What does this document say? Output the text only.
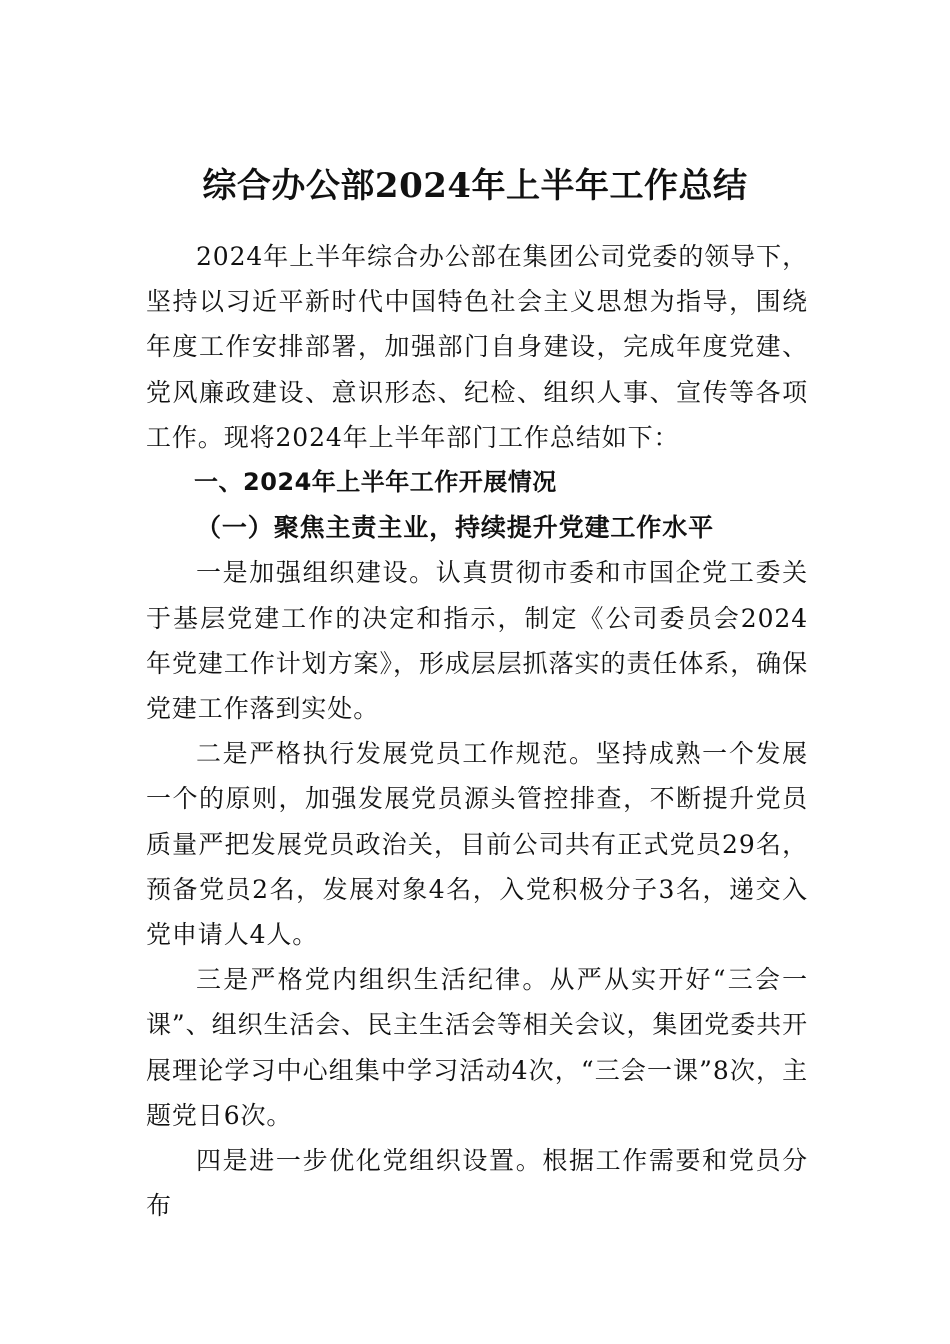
综合办公部2024年上半年工作总结

2024年上半年综合办公部在集团公司党委的领导下，坚持以习近平新时代中国特色社会主义思想为指导，围绕年度工作安排部署，加强部门自身建设，完成年度党建、党风廉政建设、意识形态、纪检、组织人事、宣传等各项工作。现将2024年上半年部门工作总结如下：

一、2024年上半年工作开展情况

（一）聚焦主责主业，持续提升党建工作水平

一是加强组织建设。认真贯彻市委和市国企党工委关于基层党建工作的决定和指示，制定《公司委员会2024年党建工作计划方案》，形成层层抓落实的责任体系，确保党建工作落到实处。

二是严格执行发展党员工作规范。坚持成熟一个发展一个的原则，加强发展党员源头管控排查，不断提升党员质量严把发展党员政治关，目前公司共有正式党员29名，预备党员2名，发展对象4名，入党积极分子3名，递交入党申请人4人。

三是严格党内组织生活纪律。从严从实开好“三会一课”、组织生活会、民主生活会等相关会议，集团党委共开展理论学习中心组集中学习活动4次，“三会一课”8次，主题党日6次。

四是进一步优化党组织设置。根据工作需要和党员分布
